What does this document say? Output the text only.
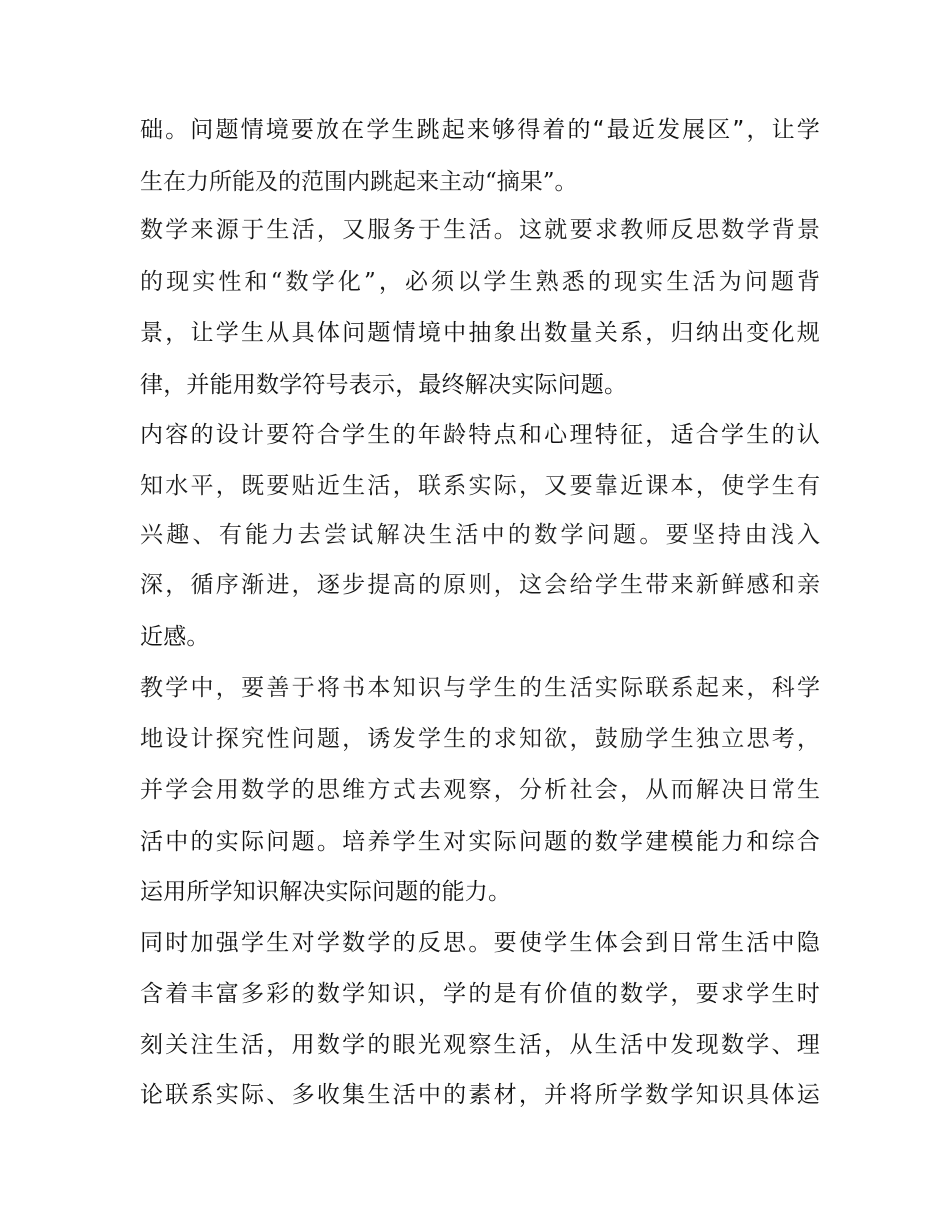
础。问题情境要放在学生跳起来够得着的“最近发展区”，让学
生在力所能及的范围内跳起来主动“摘果”。
数学来源于生活，又服务于生活。这就要求教师反思数学背景
的现实性和“数学化”，必须以学生熟悉的现实生活为问题背
景，让学生从具体问题情境中抽象出数量关系，归纳出变化规
律，并能用数学符号表示，最终解决实际问题。
内容的设计要符合学生的年龄特点和心理特征，适合学生的认
知水平，既要贴近生活，联系实际，又要靠近课本，使学生有
兴趣、有能力去尝试解决生活中的数学问题。要坚持由浅入
深，循序渐进，逐步提高的原则，这会给学生带来新鲜感和亲
近感。
教学中，要善于将书本知识与学生的生活实际联系起来，科学
地设计探究性问题，诱发学生的求知欲，鼓励学生独立思考，
并学会用数学的思维方式去观察，分析社会，从而解决日常生
活中的实际问题。培养学生对实际问题的数学建模能力和综合
运用所学知识解决实际问题的能力。
同时加强学生对学数学的反思。要使学生体会到日常生活中隐
含着丰富多彩的数学知识，学的是有价值的数学，要求学生时
刻关注生活，用数学的眼光观察生活，从生活中发现数学、理
论联系实际、多收集生活中的素材，并将所学数学知识具体运
